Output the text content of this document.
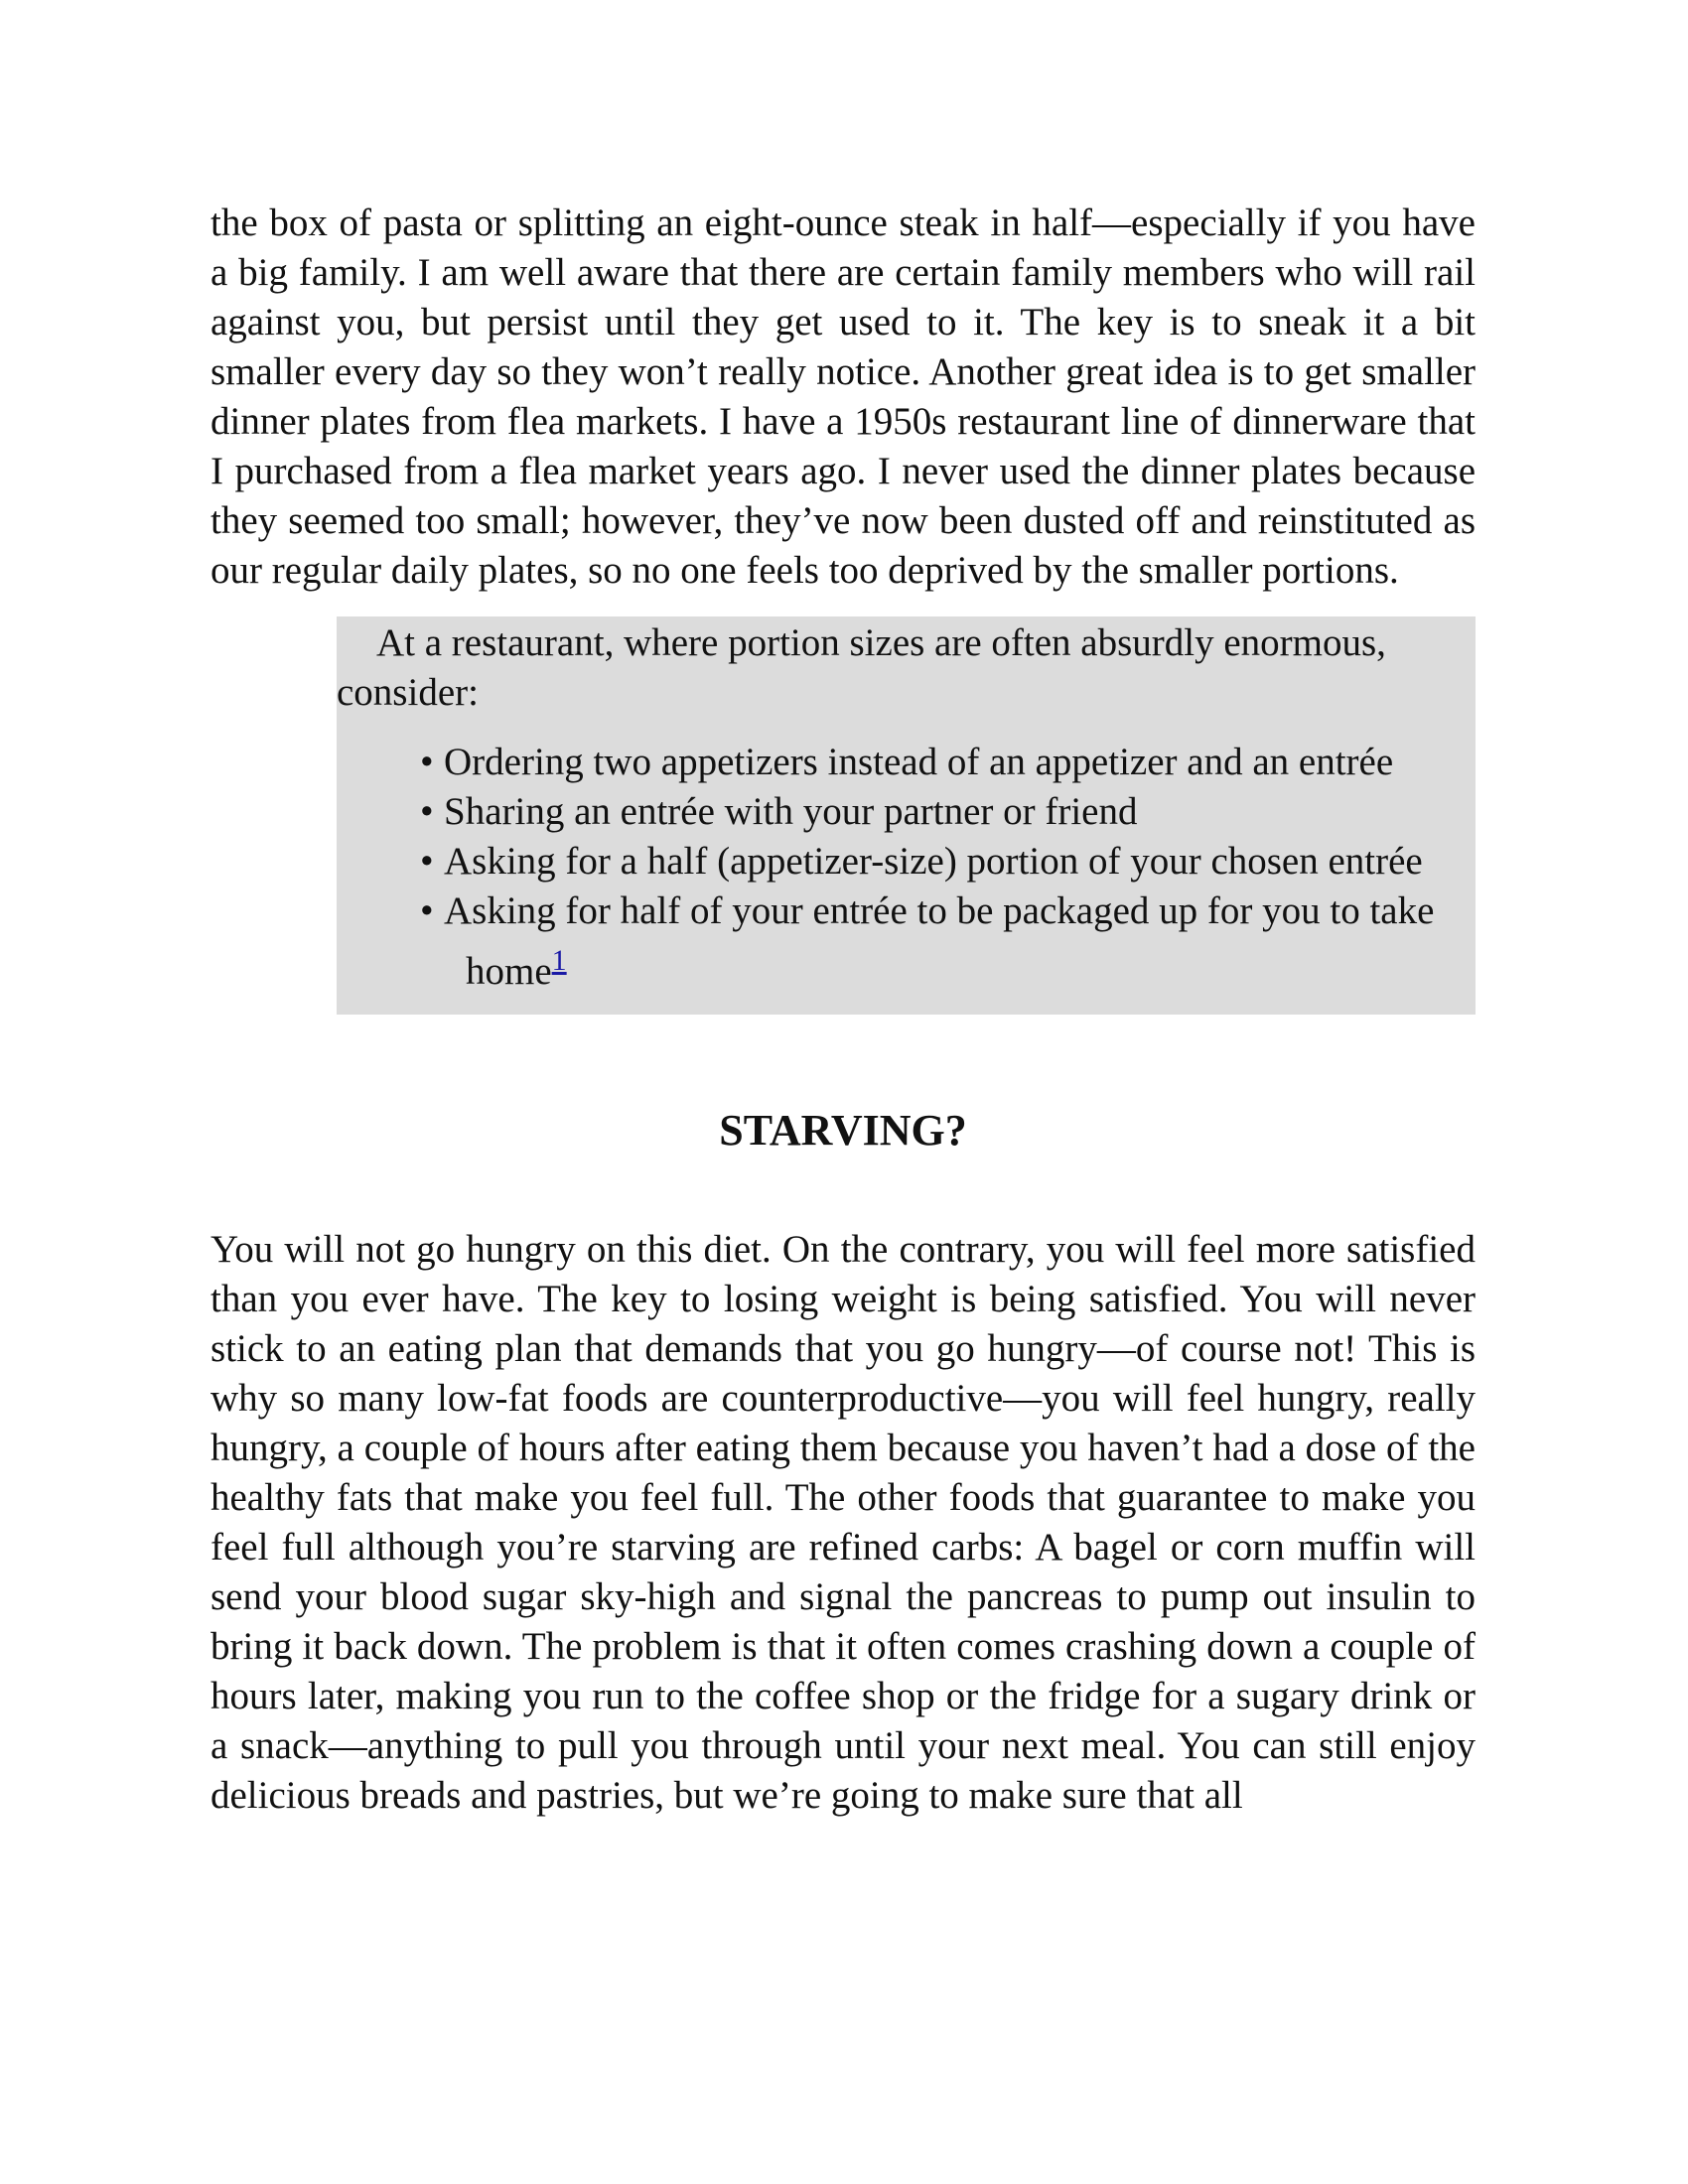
the box of pasta or splitting an eight-ounce steak in half—especially if you have a big family. I am well aware that there are certain family members who will rail against you, but persist until they get used to it. The key is to sneak it a bit smaller every day so they won’t really notice. Another great idea is to get smaller dinner plates from flea markets. I have a 1950s restaurant line of dinnerware that I purchased from a flea market years ago. I never used the dinner plates because they seemed too small; however, they’ve now been dusted off and reinstituted as our regular daily plates, so no one feels too deprived by the smaller portions.

At a restaurant, where portion sizes are often absurdly enormous, consider:

• Ordering two appetizers instead of an appetizer and an entrée
• Sharing an entrée with your partner or friend
• Asking for a half (appetizer-size) portion of your chosen entrée
• Asking for half of your entrée to be packaged up for you to take home$^1$
STARVING?

You will not go hungry on this diet. On the contrary, you will feel more satisfied than you ever have. The key to losing weight is being satisfied. You will never stick to an eating plan that demands that you go hungry—of course not! This is why so many low-fat foods are counterproductive—you will feel hungry, really hungry, a couple of hours after eating them because you haven’t had a dose of the healthy fats that make you feel full. The other foods that guarantee to make you feel full although you’re starving are refined carbs: A bagel or corn muffin will send your blood sugar sky-high and signal the pancreas to pump out insulin to bring it back down. The problem is that it often comes crashing down a couple of hours later, making you run to the coffee shop or the fridge for a sugary drink or a snack—anything to pull you through until your next meal. You can still enjoy delicious breads and pastries, but we’re going to make sure that all
